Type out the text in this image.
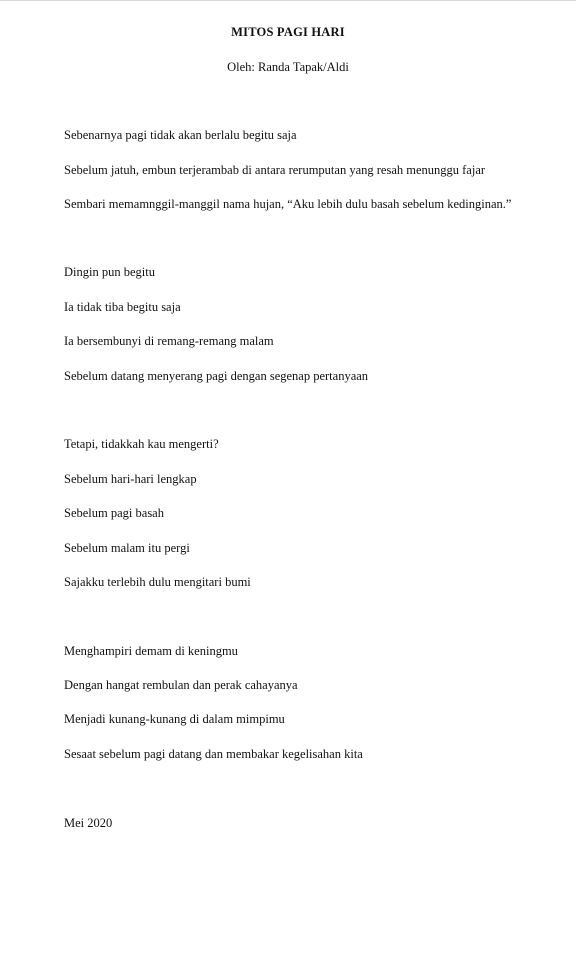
MITOS PAGI HARI
Oleh: Randa Tapak/Aldi
Sebenarnya pagi tidak akan berlalu begitu saja
Sebelum jatuh, embun terjerambab di antara rerumputan yang resah menunggu fajar
Sembari memamnggil-manggil nama hujan, “Aku lebih dulu basah sebelum kedinginan.”
Dingin pun begitu
Ia tidak tiba begitu saja
Ia bersembunyi di remang-remang malam
Sebelum datang menyerang pagi dengan segenap pertanyaan
Tetapi, tidakkah kau mengerti?
Sebelum hari-hari lengkap
Sebelum pagi basah
Sebelum malam itu pergi
Sajakku terlebih dulu mengitari bumi
Menghampiri demam di keningmu
Dengan hangat rembulan dan perak cahayanya
Menjadi kunang-kunang di dalam mimpimu
Sesaat sebelum pagi datang dan membakar kegelisahan kita
Mei 2020
